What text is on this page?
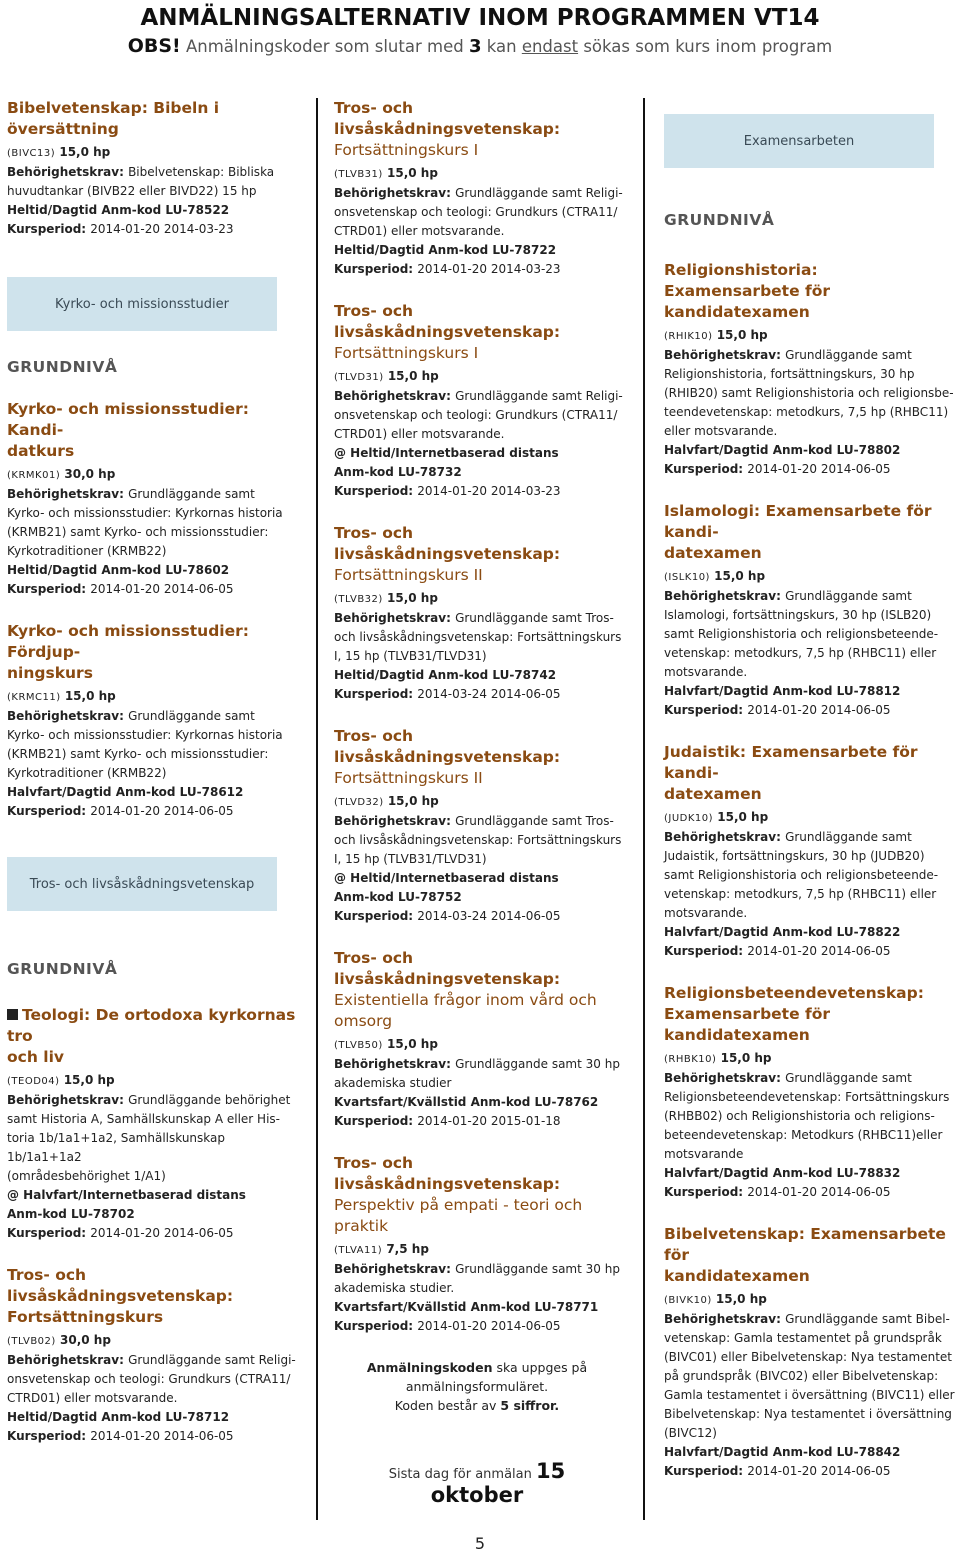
ANMÄLNINGSALTERNATIV INOM PROGRAMMEN VT14
OBS! Anmälningskoder som slutar med 3 kan endast sökas som kurs inom program
Bibelvetenskap: Bibeln i översättning
(BIVC13) 15,0 hp
Behörighetskrav: Bibelvetenskap: Bibliska
huvudtankar (BIVB22 eller BIVD22) 15 hp
Heltid/Dagtid Anm-kod LU-78522
Kursperiod: 2014-01-20 2014-03-23
Kyrko- och missionsstudier
GRUNDNIVÅ
Kyrko- och missionsstudier: Kandi-
datkurs
(KRMK01) 30,0 hp
Behörighetskrav: Grundläggande samt
Kyrko- och missionsstudier: Kyrkornas historia
(KRMB21) samt Kyrko- och missionsstudier:
Kyrkotraditioner (KRMB22)
Heltid/Dagtid Anm-kod LU-78602
Kursperiod: 2014-01-20 2014-06-05
Kyrko- och missionsstudier: Fördjup-
ningskurs
(KRMC11) 15,0 hp
Behörighetskrav: Grundläggande samt
Kyrko- och missionsstudier: Kyrkornas historia
(KRMB21) samt Kyrko- och missionsstudier:
Kyrkotraditioner (KRMB22)
Halvfart/Dagtid Anm-kod LU-78612
Kursperiod: 2014-01-20 2014-06-05
Tros- och livsåskådningsvetenskap
GRUNDNIVÅ
Teologi: De ortodoxa kyrkornas tro
och liv
(TEOD04) 15,0 hp
Behörighetskrav: Grundläggande behörighet
samt Historia A, Samhällskunskap A eller His-
toria 1b/1a1+1a2, Samhällskunskap 1b/1a1+1a2
(områdesbehörighet 1/A1)
@ Halvfart/Internetbaserad distans
Anm-kod LU-78702
Kursperiod: 2014-01-20 2014-06-05
Tros- och livsåskådningsvetenskap:
Fortsättningskurs
(TLVB02) 30,0 hp
Behörighetskrav: Grundläggande samt Religi-
onsvetenskap och teologi: Grundkurs (CTRA11/
CTRD01) eller motsvarande.
Heltid/Dagtid Anm-kod LU-78712
Kursperiod: 2014-01-20 2014-06-05
Tros- och livsåskådningsvetenskap:
Fortsättningskurs I
(TLVB31) 15,0 hp
Behörighetskrav: Grundläggande samt Religi-
onsvetenskap och teologi: Grundkurs (CTRA11/
CTRD01) eller motsvarande.
Heltid/Dagtid Anm-kod LU-78722
Kursperiod: 2014-01-20 2014-03-23
Tros- och livsåskådningsvetenskap:
Fortsättningskurs I
(TLVD31) 15,0 hp
Behörighetskrav: Grundläggande samt Religi-
onsvetenskap och teologi: Grundkurs (CTRA11/
CTRD01) eller motsvarande.
@ Heltid/Internetbaserad distans
Anm-kod LU-78732
Kursperiod: 2014-01-20 2014-03-23
Tros- och livsåskådningsvetenskap:
Fortsättningskurs II
(TLVB32) 15,0 hp
Behörighetskrav: Grundläggande samt Tros-
och livsåskådningsvetenskap: Fortsättningskurs
I, 15 hp (TLVB31/TLVD31)
Heltid/Dagtid Anm-kod LU-78742
Kursperiod: 2014-03-24 2014-06-05
Tros- och livsåskådningsvetenskap:
Fortsättningskurs II
(TLVD32) 15,0 hp
Behörighetskrav: Grundläggande samt Tros-
och livsåskådningsvetenskap: Fortsättningskurs
I, 15 hp (TLVB31/TLVD31)
@ Heltid/Internetbaserad distans
Anm-kod LU-78752
Kursperiod: 2014-03-24 2014-06-05
Tros- och livsåskådningsvetenskap:
Existentiella frågor inom vård och omsorg
(TLVB50) 15,0 hp
Behörighetskrav: Grundläggande samt 30 hp
akademiska studier
Kvartsfart/Kvällstid Anm-kod LU-78762
Kursperiod: 2014-01-20 2015-01-18
Tros- och livsåskådningsvetenskap:
Perspektiv på empati - teori och praktik
(TLVA11) 7,5 hp
Behörighetskrav: Grundläggande samt 30 hp
akademiska studier.
Kvartsfart/Kvällstid Anm-kod LU-78771
Kursperiod: 2014-01-20 2014-06-05
Anmälningskoden ska uppges på
anmälningsformuläret.
Koden består av 5 siffror.
Sista dag för anmälan 15 oktober
Examensarbeten
GRUNDNIVÅ
Religionshistoria: Examensarbete för
kandidatexamen
(RHIK10) 15,0 hp
Behörighetskrav: Grundläggande samt
Religionshistoria, fortsättningskurs, 30 hp
(RHIB20) samt Religionshistoria och religionsbe-
teendevetenskap: metodkurs, 7,5 hp (RHBC11)
eller motsvarande.
Halvfart/Dagtid Anm-kod LU-78802
Kursperiod: 2014-01-20 2014-06-05
Islamologi: Examensarbete för kandi-
datexamen
(ISLK10) 15,0 hp
Behörighetskrav: Grundläggande samt
Islamologi, fortsättningskurs, 30 hp (ISLB20)
samt Religionshistoria och religionsbeteende-
vetenskap: metodkurs, 7,5 hp (RHBC11) eller
motsvarande.
Halvfart/Dagtid Anm-kod LU-78812
Kursperiod: 2014-01-20 2014-06-05
Judaistik: Examensarbete för kandi-
datexamen
(JUDK10) 15,0 hp
Behörighetskrav: Grundläggande samt
Judaistik, fortsättningskurs, 30 hp (JUDB20)
samt Religionshistoria och religionsbeteende-
vetenskap: metodkurs, 7,5 hp (RHBC11) eller
motsvarande.
Halvfart/Dagtid Anm-kod LU-78822
Kursperiod: 2014-01-20 2014-06-05
Religionsbeteendevetenskap:
Examensarbete för
kandidatexamen
(RHBK10) 15,0 hp
Behörighetskrav: Grundläggande samt
Religionsbeteendevetenskap: Fortsättningskurs
(RHBB02) och Religionshistoria och religions-
beteendevetenskap: Metodkurs (RHBC11)eller
motsvarande
Halvfart/Dagtid Anm-kod LU-78832
Kursperiod: 2014-01-20 2014-06-05
Bibelvetenskap: Examensarbete för
kandidatexamen
(BIVK10) 15,0 hp
Behörighetskrav: Grundläggande samt Bibel-
vetenskap: Gamla testamentet på grundspråk
(BIVC01) eller Bibelvetenskap: Nya testamentet
på grundspråk (BIVC02) eller Bibelvetenskap:
Gamla testamentet i översättning (BIVC11) eller
Bibelvetenskap: Nya testamentet i översättning
(BIVC12)
Halvfart/Dagtid Anm-kod LU-78842
Kursperiod: 2014-01-20 2014-06-05
5
